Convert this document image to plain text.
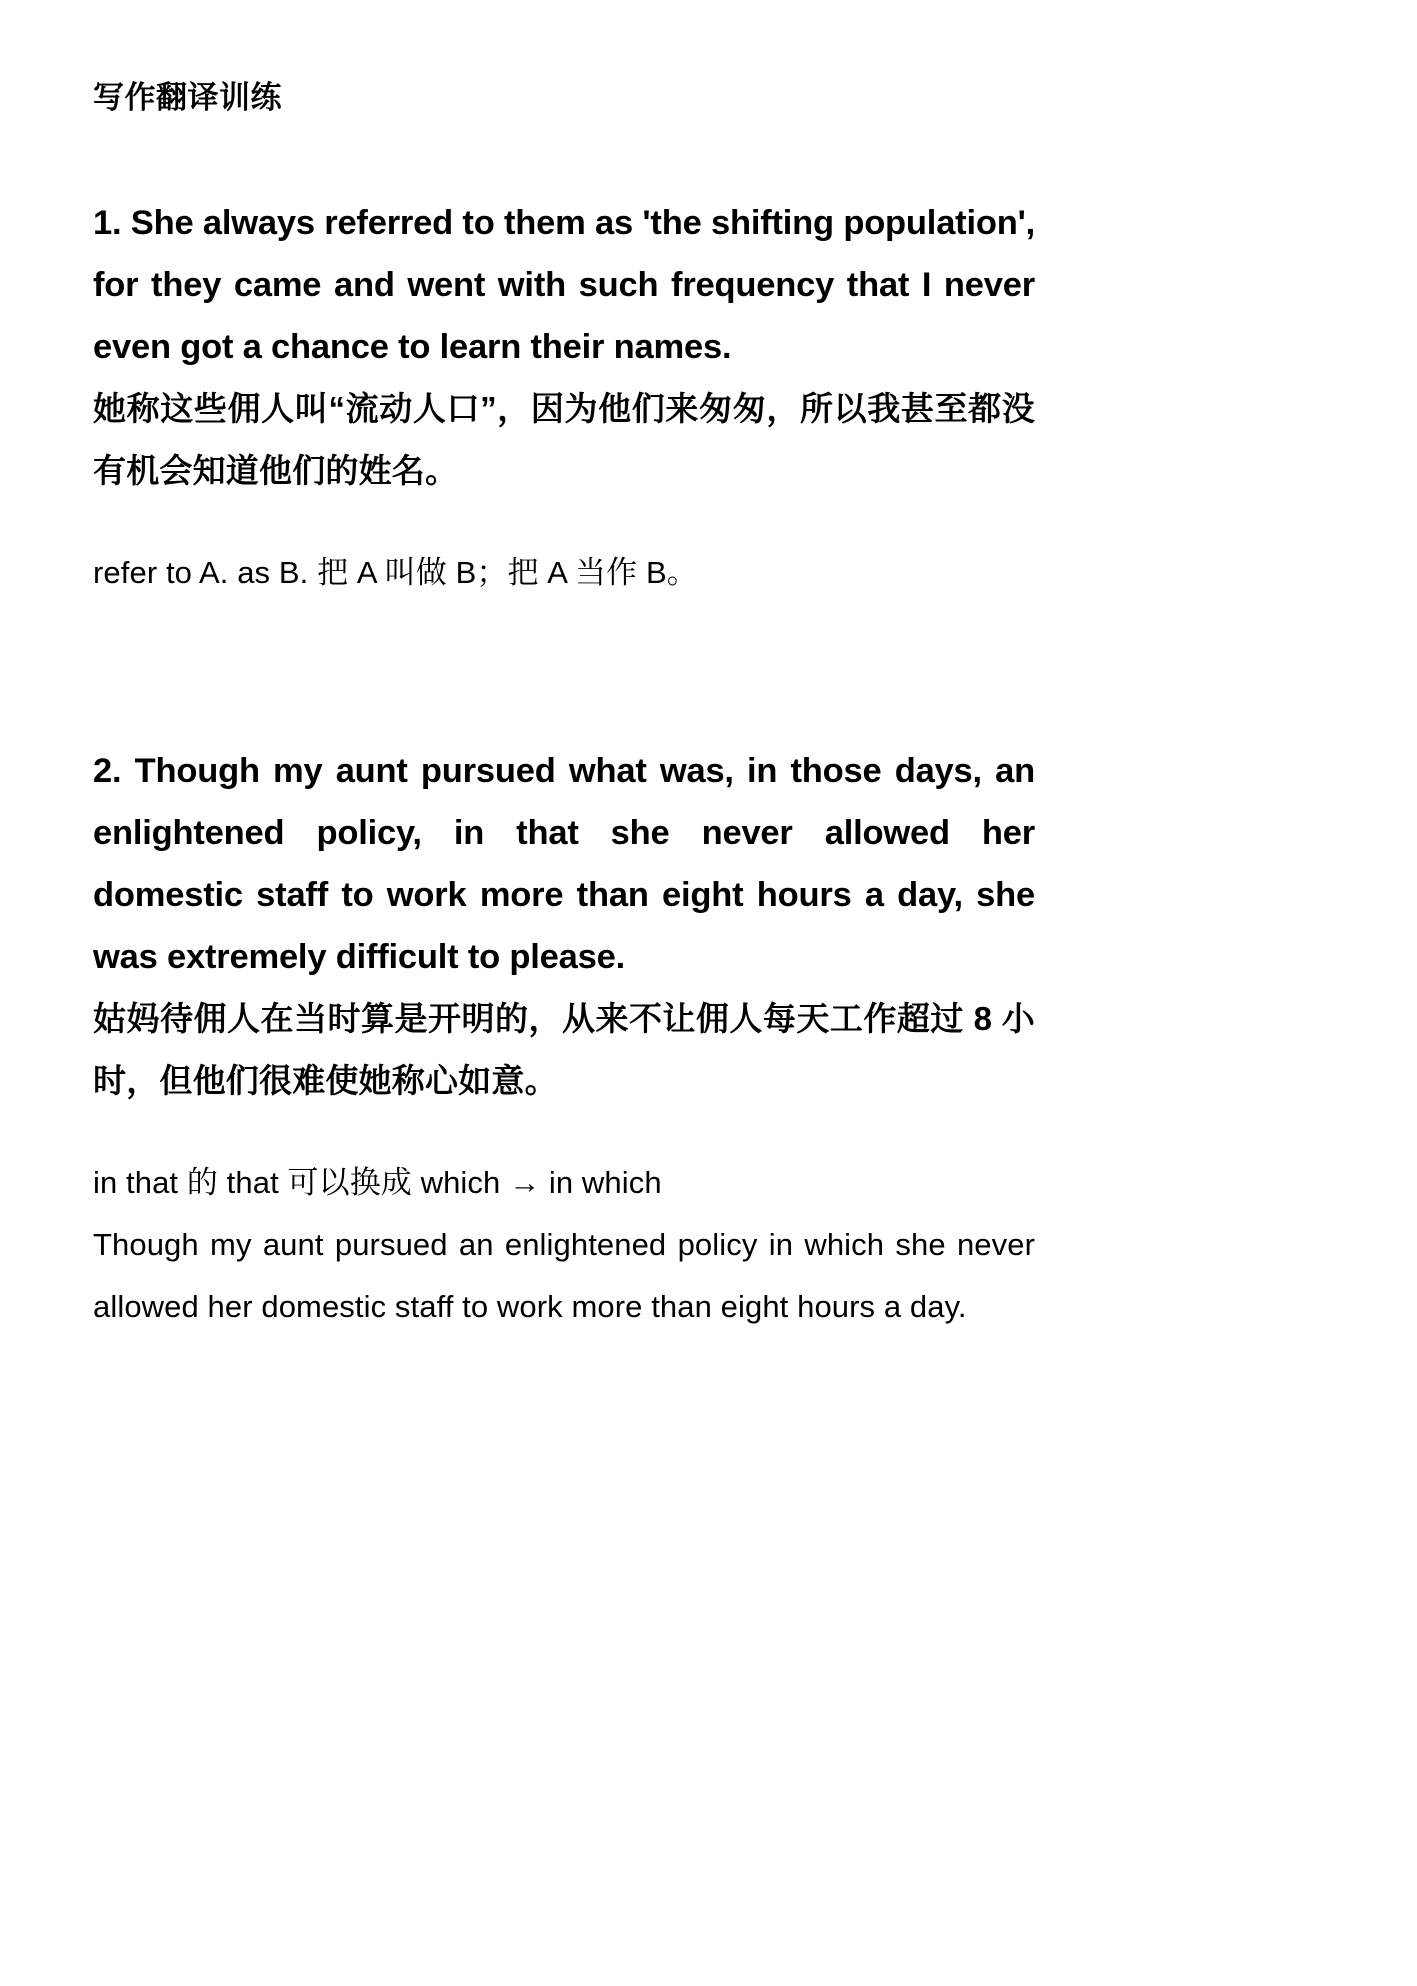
写作翻译训练

1. She always referred to them as 'the shifting population', for they came and went with such frequency that I never even got a chance to learn their names.

她称这些佣人叫“流动人口”，因为他们来匆匆，所以我甚至都没有机会知道他们的姓名。

refer to A. as B. 把 A 叫做 B；把 A 当作 B。

2. Though my aunt pursued what was, in those days, an enlightened policy, in that she never allowed her domestic staff to work more than eight hours a day, she was extremely difficult to please.

姑妈待佣人在当时算是开明的，从来不让佣人每天工作超过 8 小时，但他们很难使她称心如意。

in that 的 that 可以换成 which → in which

Though my aunt pursued an enlightened policy in which she never allowed her domestic staff to work more than eight hours a day.
